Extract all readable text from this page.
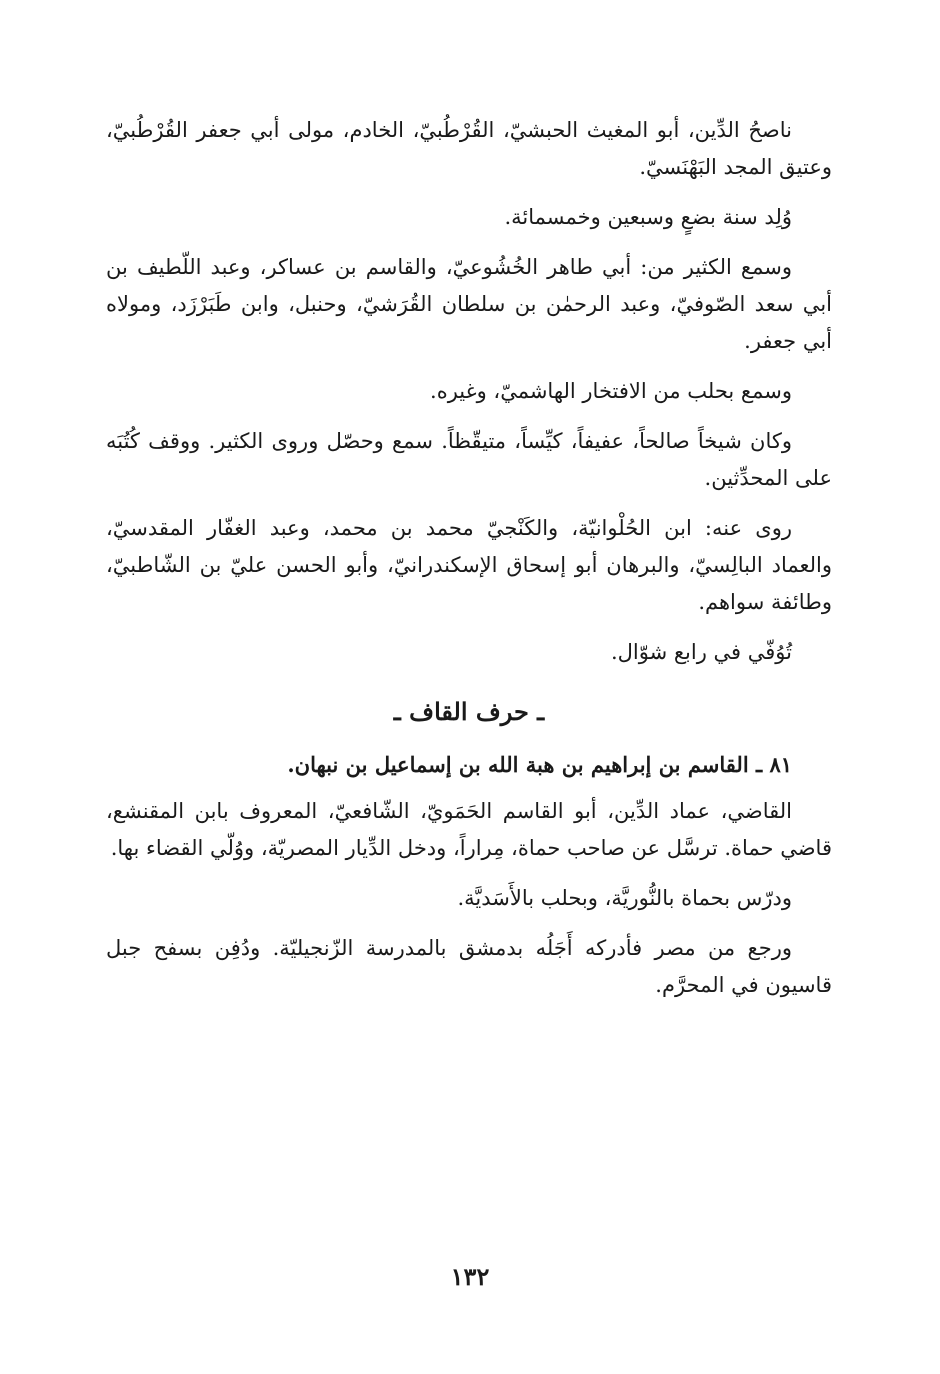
ناصحُ الدِّين، أبو المغيث الحبشيّ، القُرْطُبيّ، الخادم، مولى أبي جعفر القُرْطُبيّ، وعتيق المجد البَهْنَسيّ.

وُلِد سنة بضعٍ وسبعين وخمسمائة.

وسمع الكثير من: أبي طاهر الخُشُوعيّ، والقاسم بن عساكر، وعبد اللّطيف بن أبي سعد الصّوفيّ، وعبد الرحمٰن بن سلطان القُرَشيّ، وحنبل، وابن طَبَرْزَد، ومولاه أبي جعفر.

وسمع بحلب من الافتخار الهاشميّ، وغيره.

وكان شيخاً صالحاً، عفيفاً، كيِّساً، متيقّظاً. سمع وحصّل وروى الكثير. ووقف كُتُبَه على المحدِّثين.

روى عنه: ابن الحُلْوانيّة، والكَنْجيّ محمد بن محمد، وعبد الغفّار المقدسيّ، والعماد البالِسيّ، والبرهان أبو إسحاق الإسكندرانيّ، وأبو الحسن عليّ بن الشّاطبيّ، وطائفة سواهم.

تُوُفّي في رابع شوّال.

ـ حرف القاف ـ

٨١ ـ القاسم بن إبراهيم بن هبة الله بن إسماعيل بن نبهان.

القاضي، عماد الدِّين، أبو القاسم الحَمَويّ، الشّافعيّ، المعروف بابن المقنشع، قاضي حماة. ترسَّل عن صاحب حماة، مِراراً، ودخل الدِّيار المصريّة، ووُلّي القضاء بها.

ودرّس بحماة بالنُّوريَّة، وبحلب بالأَسَديَّة.

ورجع من مصر فأدركه أَجَلُه بدمشق بالمدرسة الزّنجيليّة. ودُفِن بسفح جبل قاسيون في المحرَّم.

١٣٢
